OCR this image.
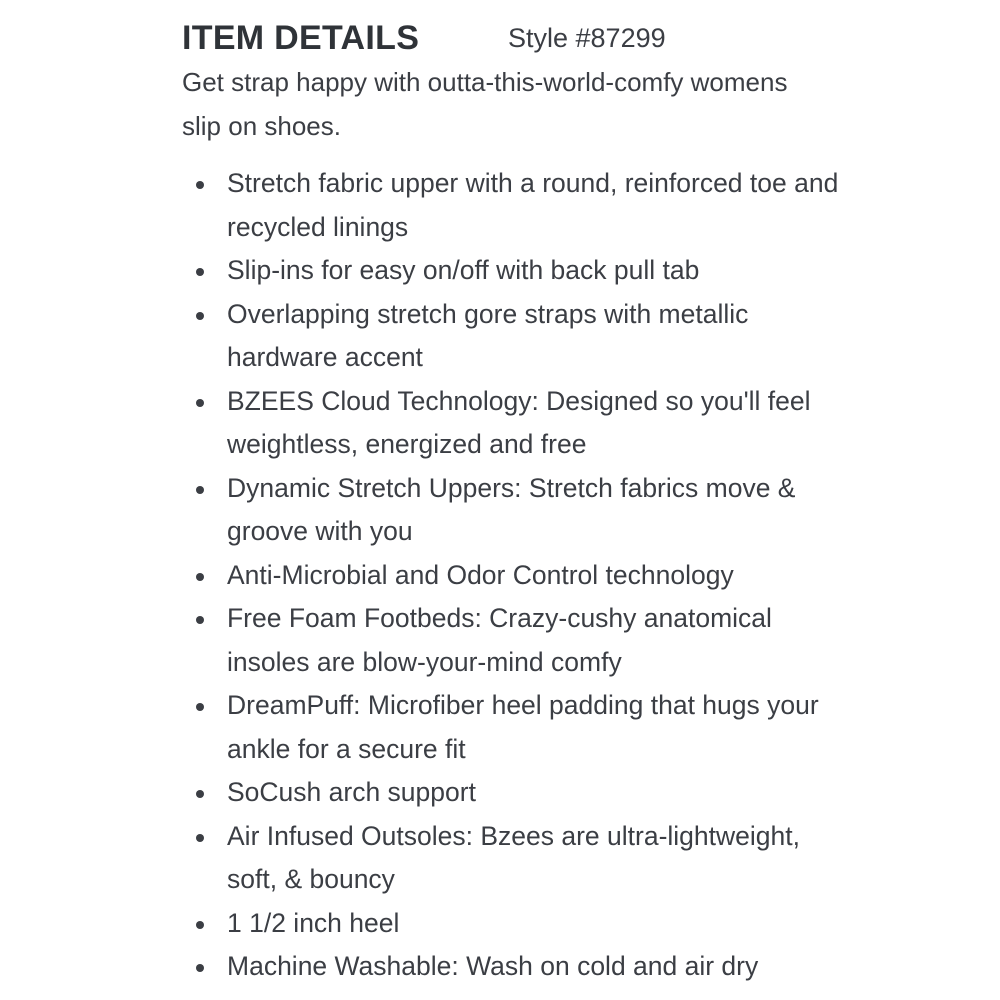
ITEM DETAILS	Style #87299

Get strap happy with outta-this-world-comfy womens slip on shoes.

Stretch fabric upper with a round, reinforced toe and recycled linings
Slip-ins for easy on/off with back pull tab
Overlapping stretch gore straps with metallic hardware accent
BZEES Cloud Technology: Designed so you'll feel weightless, energized and free
Dynamic Stretch Uppers: Stretch fabrics move & groove with you
Anti-Microbial and Odor Control technology
Free Foam Footbeds: Crazy-cushy anatomical insoles are blow-your-mind comfy
DreamPuff: Microfiber heel padding that hugs your ankle for a secure fit
SoCush arch support
Air Infused Outsoles: Bzees are ultra-lightweight, soft, & bouncy
1 1/2 inch heel
Machine Washable: Wash on cold and air dry
